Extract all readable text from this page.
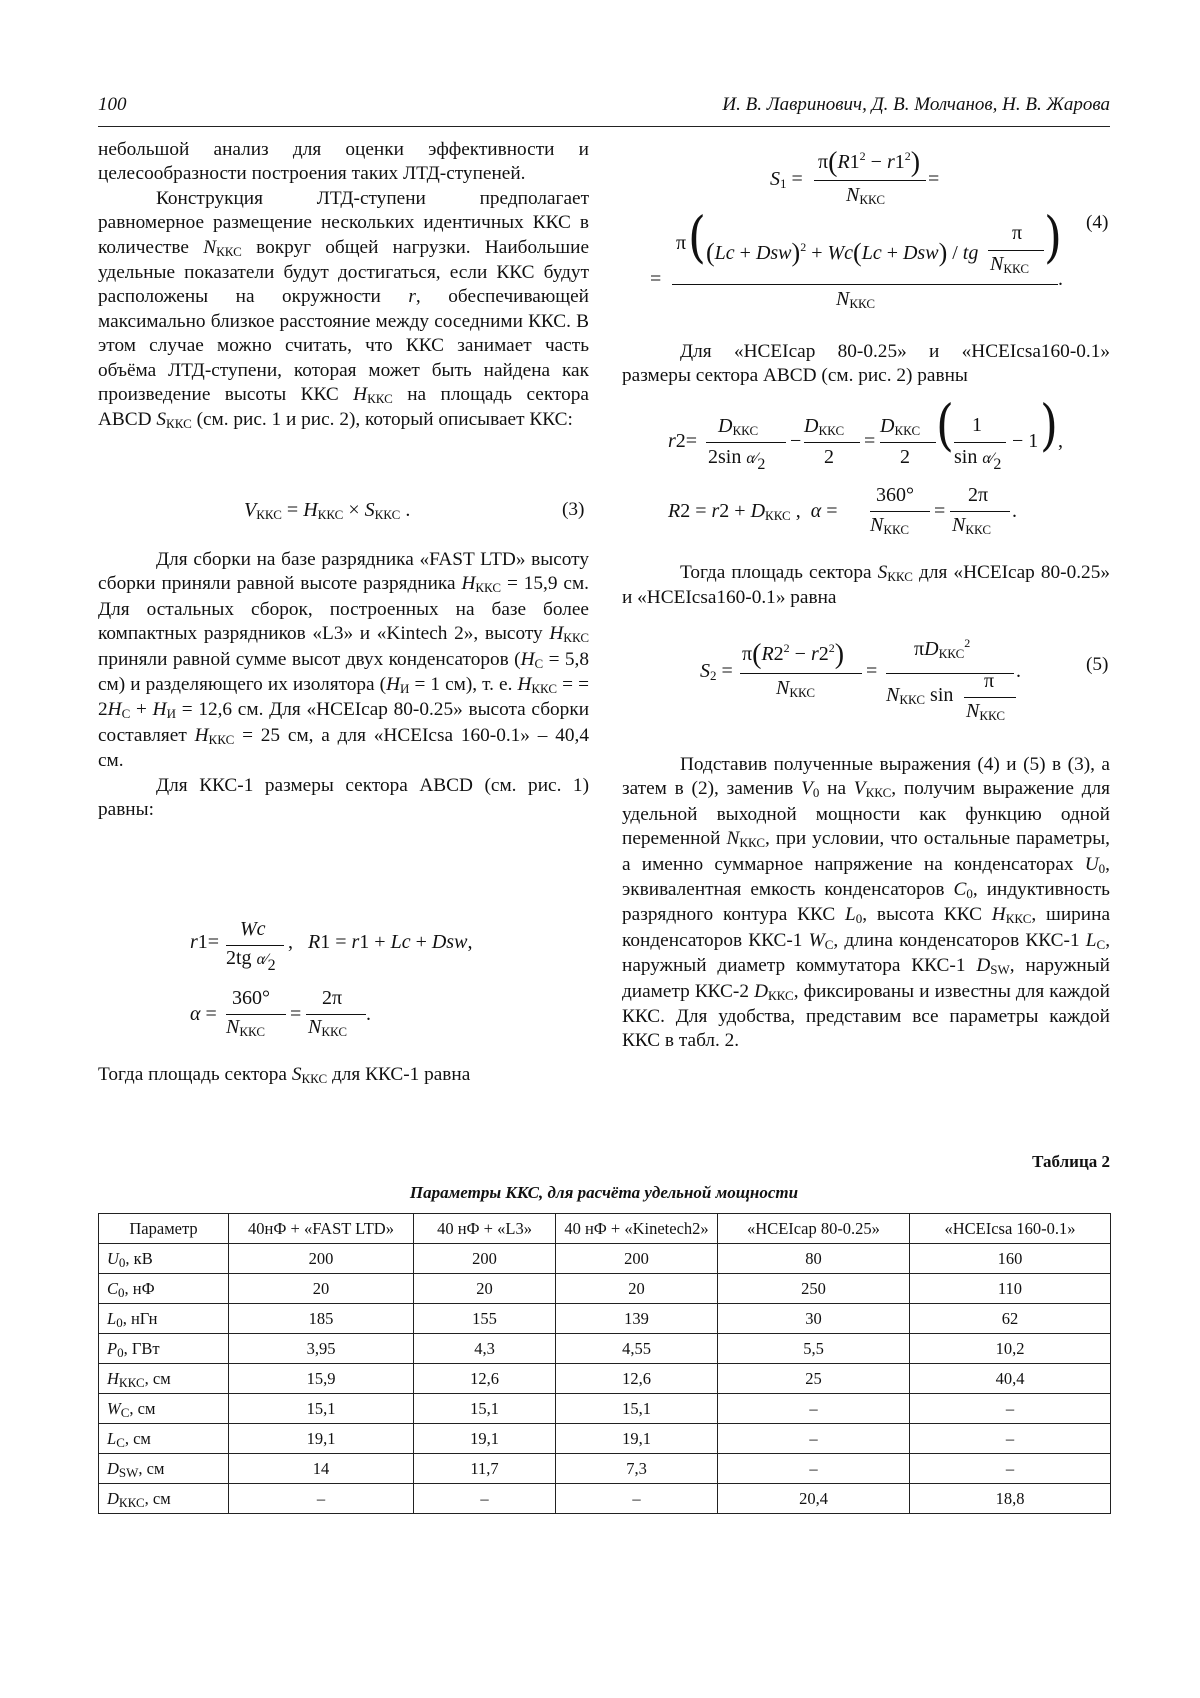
100	И. В. Лавринович, Д. В. Молчанов, Н. В. Жарова

небольшой анализ для оценки эффективности и целесообразности построения таких ЛТД-ступеней.

Конструкция ЛТД-ступени предполагает равномерное размещение нескольких идентичных ККС в количестве NККС вокруг общей нагрузки. Наибольшие удельные показатели будут достигаться, если ККС будут расположены на окружности r, обеспечивающей максимально близкое расстояние между соседними ККС. В этом случае можно считать, что ККС занимает часть объёма ЛТД-ступени, которая может быть найдена как произведение высоты ККС HККС на площадь сектора ABCD SККС (см. рис. 1 и рис. 2), который описывает ККС:

VККС = HККС × SККС .	(3)

Для сборки на базе разрядника «FAST LTD» высоту сборки приняли равной высоте разрядника HККС = 15,9 см. Для остальных сборок, построенных на базе более компактных разрядников «L3» и «Kintech 2», высоту HККС приняли равной сумме высот двух конденсаторов (HC = 5,8 см) и разделяющего их изолятора (HИ = 1 см), т. е. HККС = = 2HC + HИ = 12,6 см. Для «HCEIcap 80-0.25» высота сборки составляет HККС = 25 см, а для «HCEIcsa 160-0.1» – 40,4 см.

Для ККС-1 размеры сектора ABCD (см. рис. 1) равны:

r1=
Wc
2tg α⁄2
,   R1 = r1 + Lc + Dsw,
α =
360°
NККС
=
2π
NККС
.

Тогда площадь сектора SККС для ККС-1 равна

S1 =
$\pi(R1^2 - r1^2)$
NККС
=
=
π ( (Lc + Dsw)$^2$ + Wc(Lc + Dsw) / tg
π
NККС )
NККС
.
(4)

Для «HCEIcap 80-0.25» и «HCEIcsa160-0.1» размеры сектора ABCD (см. рис. 2) равны

r2=
DККС
2sin α⁄2
−
DККС
2
=
DККС
2 ( 1
sin α⁄2
− 1 ) ,
R2 = r2 + DККС ,  α =
360°
NККС
=
2π
NККС
.

Тогда площадь сектора SККС для «HCEIcap 80-0.25» и «HCEIcsa160-0.1» равна

S2 =
$\pi(R2^2 - r2^2)$
NККС
=
πDККС$^2$
NККС sin
π
NККС
.	(5)

Подставив полученные выражения (4) и (5) в (3), а затем в (2), заменив V0 на VККС, получим выражение для удельной выходной мощности как функцию одной переменной NККС, при условии, что остальные параметры, а именно суммарное напряжение на конденсаторах U0, эквивалентная емкость конденсаторов C0, индуктивность разрядного контура ККС L0, высота ККС HККС, ширина конденсаторов ККС-1 WC, длина конденсаторов ККС-1 LC, наружный диаметр коммутатора ККС-1 DSW, наружный диаметр ККС-2 DККС, фиксированы и известны для каждой ККС. Для удобства, представим все параметры каждой ККС в табл. 2.

Таблица 2
Параметры ККС, для расчёта удельной мощности
Параметр	40нФ + «FAST LTD»	40 нФ + «L3»	40 нФ + «Kinetech2»	«HCEIcap 80-0.25»	«HCEIcsa 160-0.1»
U0, кВ	200	200	200	80	160
C0, нФ	20	20	20	250	110
L0, нГн	185	155	139	30	62
P0, ГВт	3,95	4,3	4,55	5,5	10,2
HККС, см	15,9	12,6	12,6	25	40,4
WC, см	15,1	15,1	15,1	–	–
LC, см	19,1	19,1	19,1	–	–
DSW, см	14	11,7	7,3	–	–
DККС, см	–	–	–	20,4	18,8
